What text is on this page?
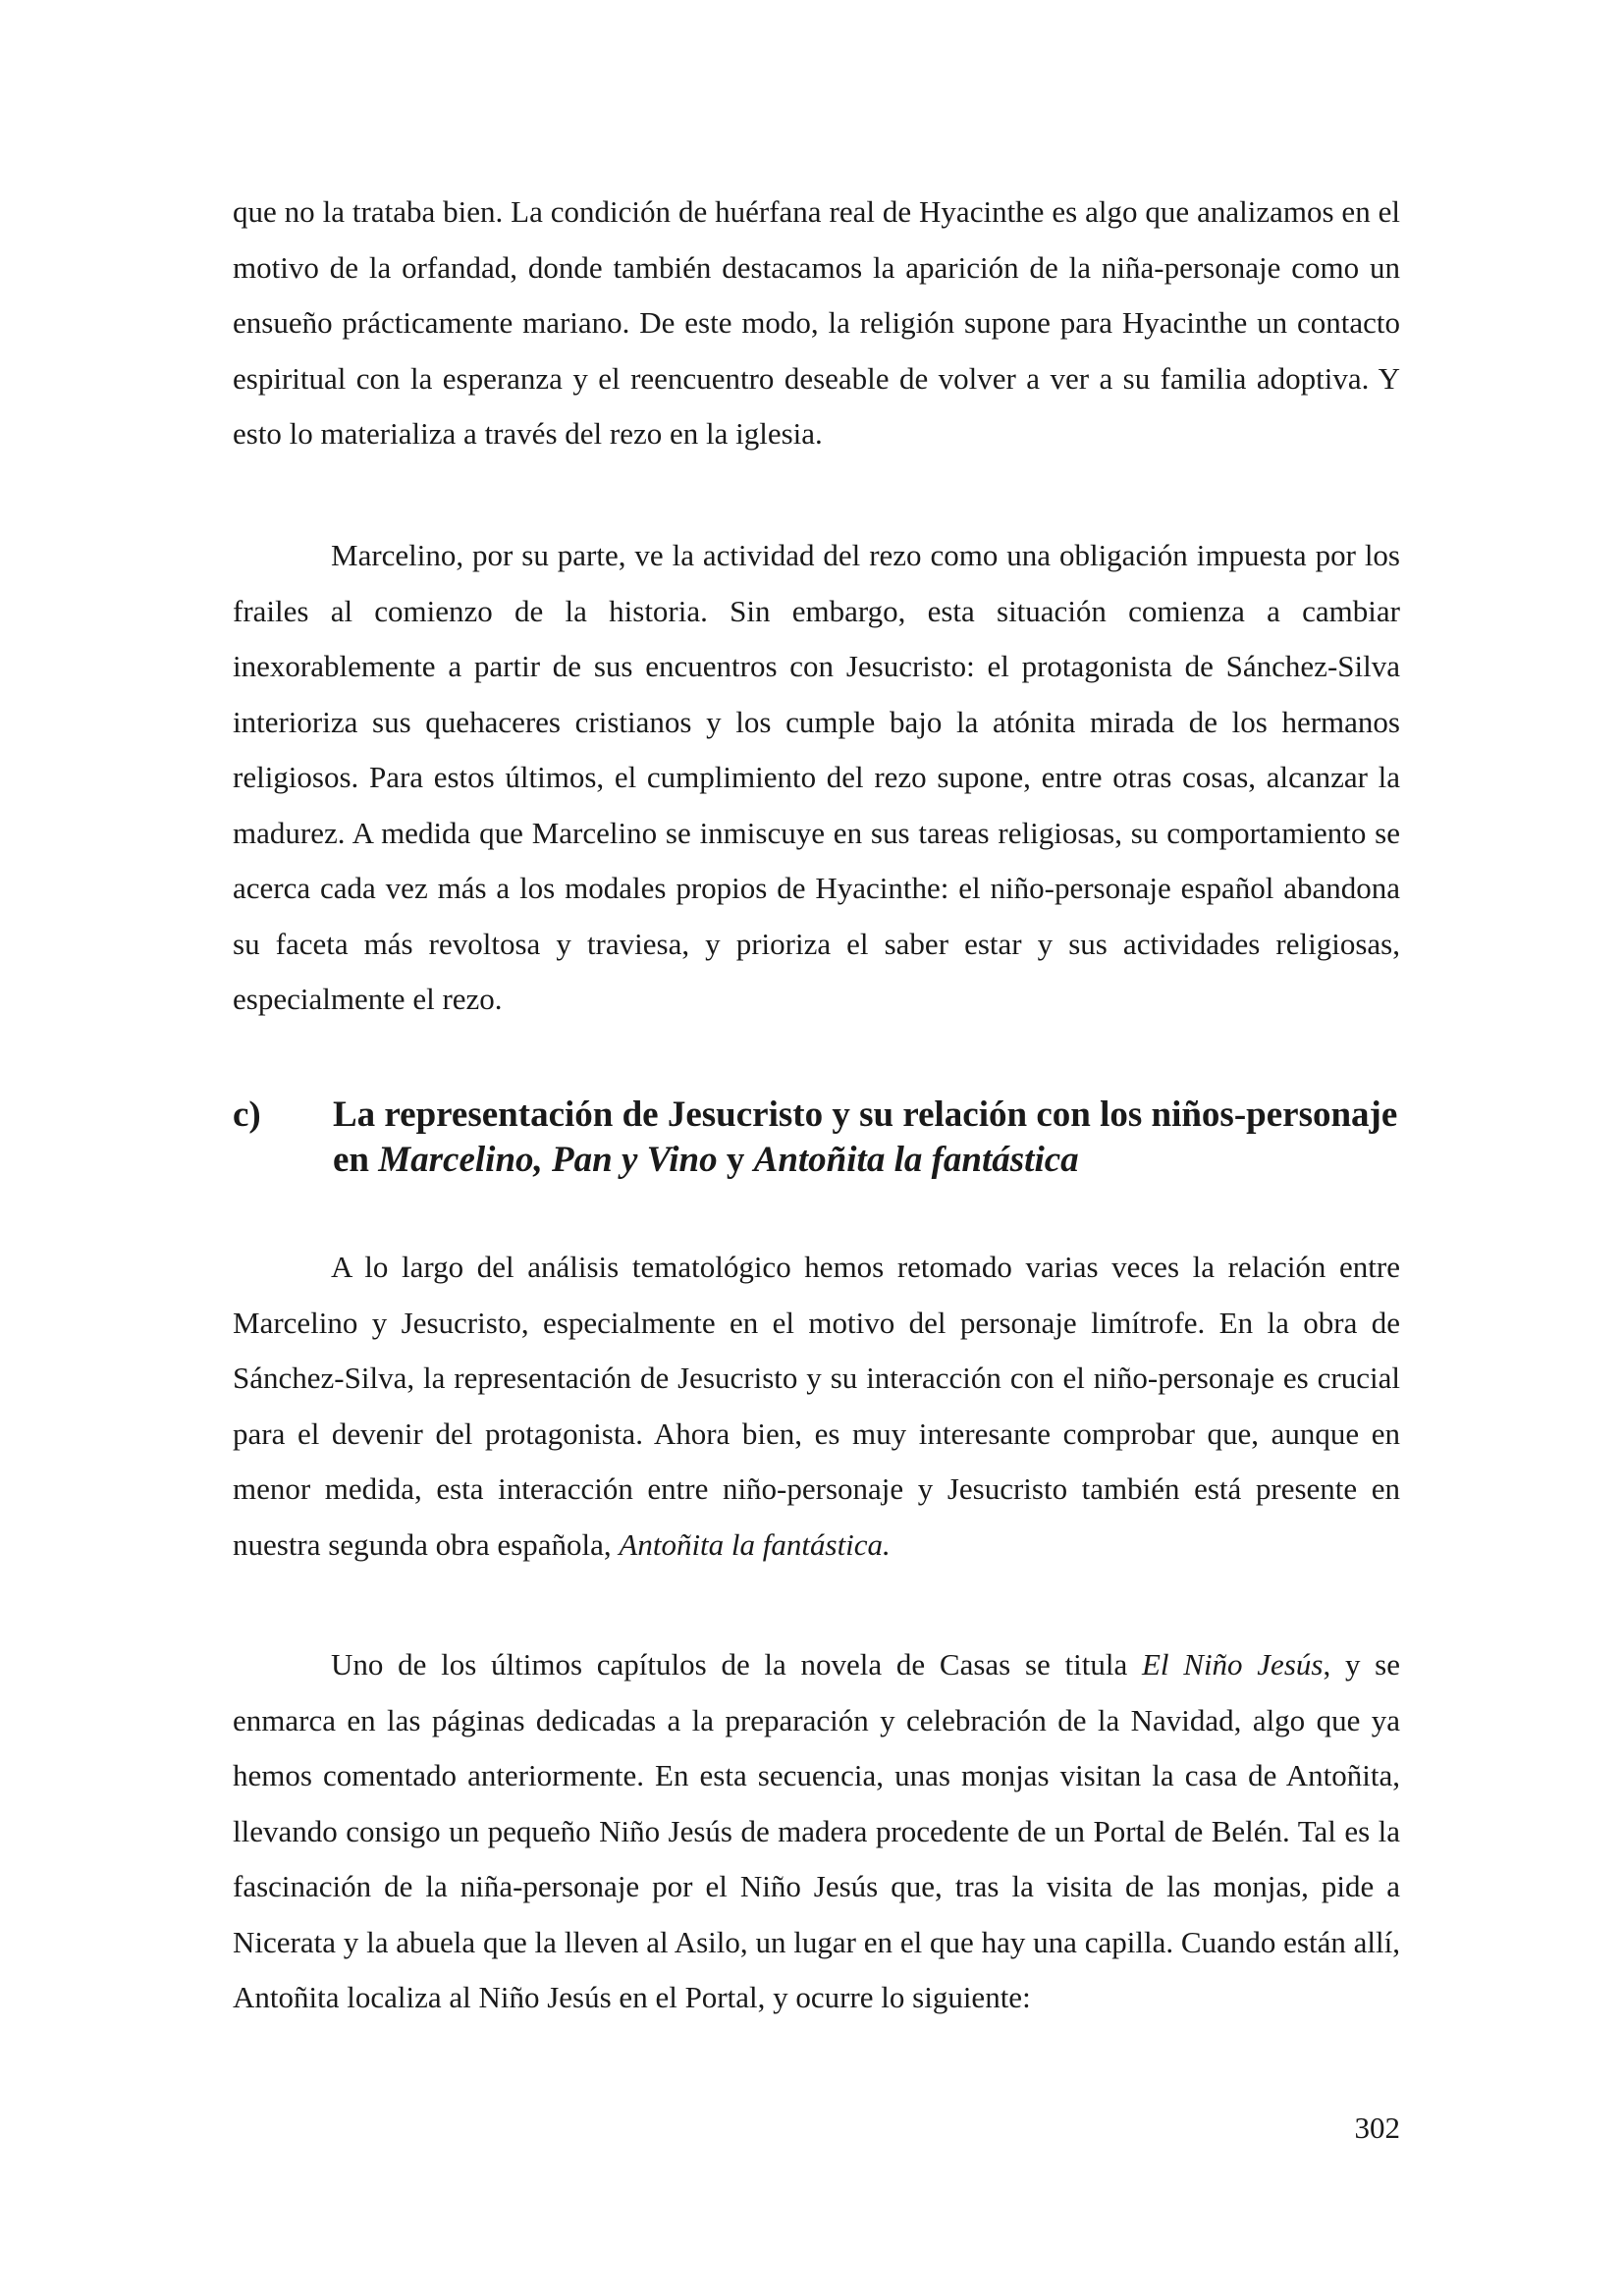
que no la trataba bien. La condición de huérfana real de Hyacinthe es algo que analizamos en el motivo de la orfandad, donde también destacamos la aparición de la niña-personaje como un ensueño prácticamente mariano. De este modo, la religión supone para Hyacinthe un contacto espiritual con la esperanza y el reencuentro deseable de volver a ver a su familia adoptiva. Y esto lo materializa a través del rezo en la iglesia.

Marcelino, por su parte, ve la actividad del rezo como una obligación impuesta por los frailes al comienzo de la historia. Sin embargo, esta situación comienza a cambiar inexorablemente a partir de sus encuentros con Jesucristo: el protagonista de Sánchez-Silva interioriza sus quehaceres cristianos y los cumple bajo la atónita mirada de los hermanos religiosos. Para estos últimos, el cumplimiento del rezo supone, entre otras cosas, alcanzar la madurez. A medida que Marcelino se inmiscuye en sus tareas religiosas, su comportamiento se acerca cada vez más a los modales propios de Hyacinthe: el niño-personaje español abandona su faceta más revoltosa y traviesa, y prioriza el saber estar y sus actividades religiosas, especialmente el rezo.

c) La representación de Jesucristo y su relación con los niños-personaje en Marcelino, Pan y Vino y Antoñita la fantástica

A lo largo del análisis tematológico hemos retomado varias veces la relación entre Marcelino y Jesucristo, especialmente en el motivo del personaje limítrofe. En la obra de Sánchez-Silva, la representación de Jesucristo y su interacción con el niño-personaje es crucial para el devenir del protagonista. Ahora bien, es muy interesante comprobar que, aunque en menor medida, esta interacción entre niño-personaje y Jesucristo también está presente en nuestra segunda obra española, Antoñita la fantástica.

Uno de los últimos capítulos de la novela de Casas se titula El Niño Jesús, y se enmarca en las páginas dedicadas a la preparación y celebración de la Navidad, algo que ya hemos comentado anteriormente. En esta secuencia, unas monjas visitan la casa de Antoñita, llevando consigo un pequeño Niño Jesús de madera procedente de un Portal de Belén. Tal es la fascinación de la niña-personaje por el Niño Jesús que, tras la visita de las monjas, pide a Nicerata y la abuela que la lleven al Asilo, un lugar en el que hay una capilla. Cuando están allí, Antoñita localiza al Niño Jesús en el Portal, y ocurre lo siguiente:

302
